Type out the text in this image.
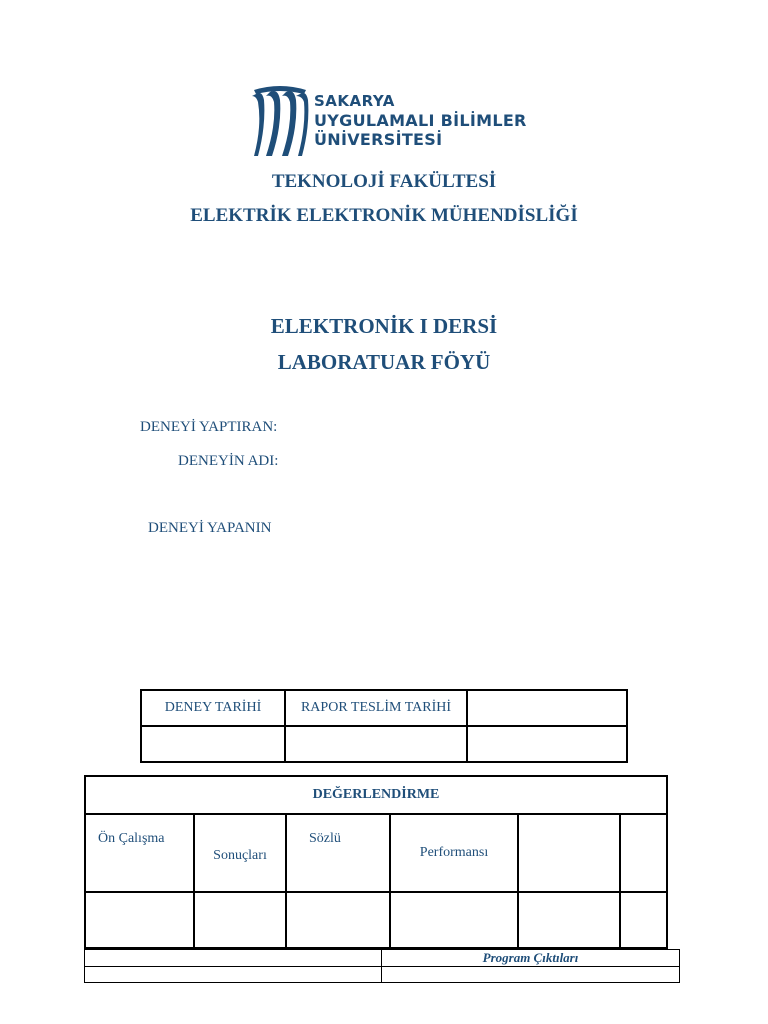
SAKARYA
UYGULAMALI BİLİMLER
ÜNİVERSİTESİ
TEKNOLOJİ FAKÜLTESİ
ELEKTRİK ELEKTRONİK MÜHENDİSLİĞİ
ELEKTRONİK I DERSİ
LABORATUAR FÖYÜ
DENEYİ YAPTIRAN:
DENEYİN ADI:
DENEYİ YAPANIN
DENEY TARİHİ	RAPOR TESLİM TARİHİ	

DEĞERLENDİRME					
Ön Çalışma	Sonuçları	Sözlü	Performansı		

	Program Çıktıları
